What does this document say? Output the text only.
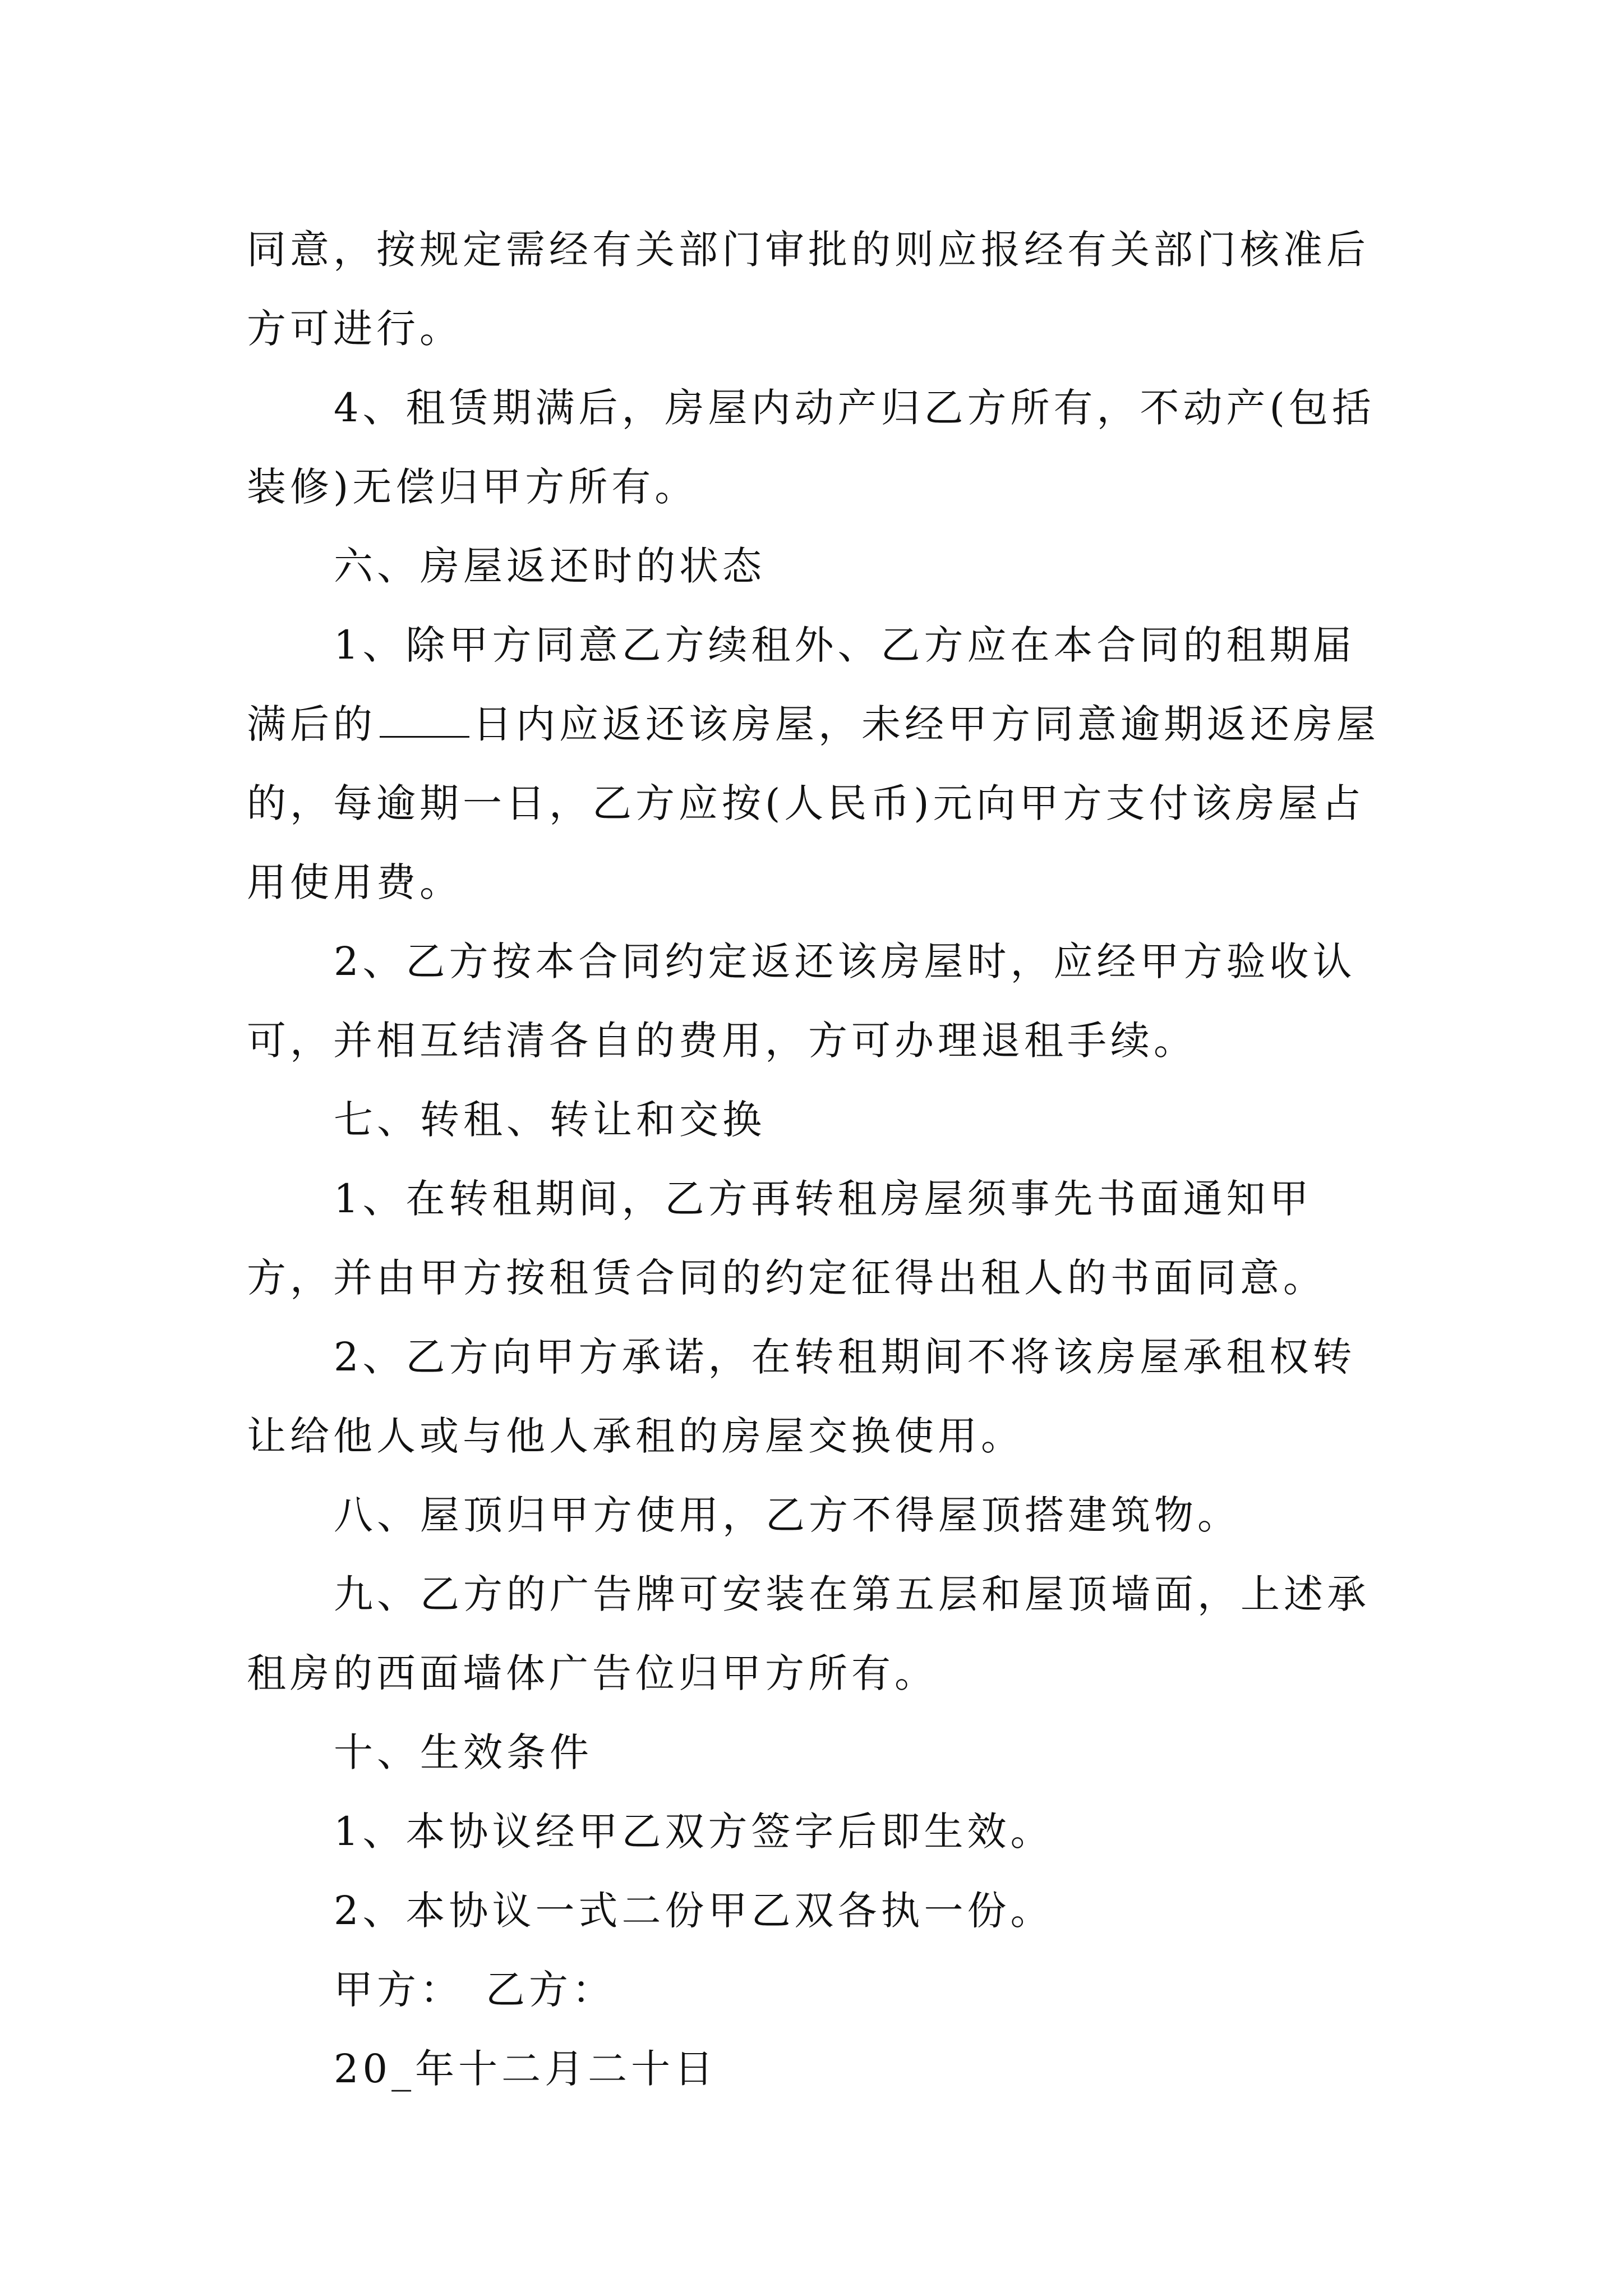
同意，按规定需经有关部门审批的则应报经有关部门核准后方可进行。

4、租赁期满后，房屋内动产归乙方所有，不动产(包括装修)无偿归甲方所有。

六、房屋返还时的状态

1、除甲方同意乙方续租外、乙方应在本合同的租期届满后的 日内应返还该房屋，未经甲方同意逾期返还房屋的，每逾期一日，乙方应按(人民币)元向甲方支付该房屋占用使用费。

2、乙方按本合同约定返还该房屋时，应经甲方验收认可，并相互结清各自的费用，方可办理退租手续。

七、转租、转让和交换

1、在转租期间，乙方再转租房屋须事先书面通知甲方，并由甲方按租赁合同的约定征得出租人的书面同意。

2、乙方向甲方承诺，在转租期间不将该房屋承租权转让给他人或与他人承租的房屋交换使用。

八、屋顶归甲方使用，乙方不得屋顶搭建筑物。

九、乙方的广告牌可安装在第五层和屋顶墙面，上述承租房的西面墙体广告位归甲方所有。

十、生效条件

1、本协议经甲乙双方签字后即生效。

2、本协议一式二份甲乙双各执一份。

甲方： 乙方：

20_年十二月二十日
